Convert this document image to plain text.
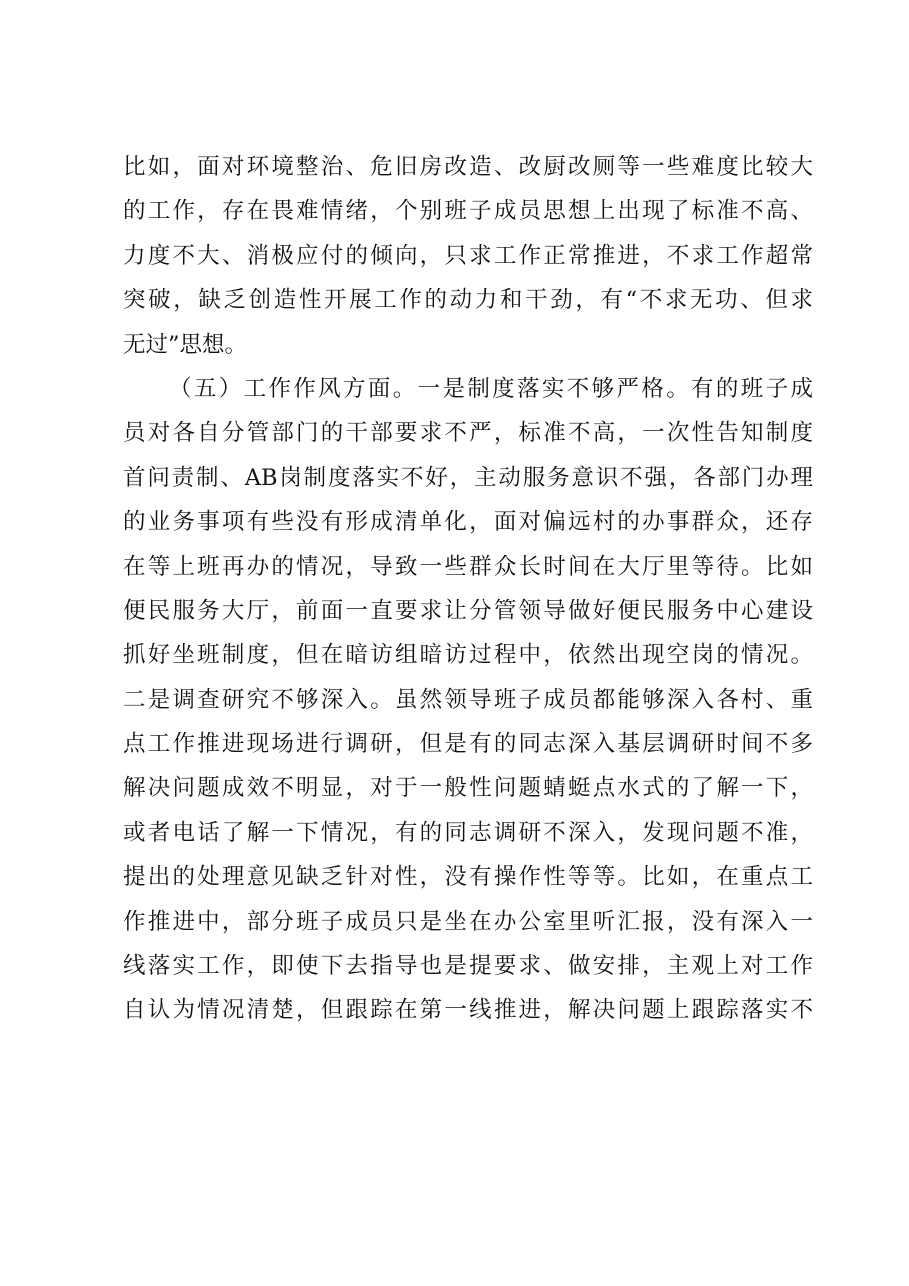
比如，面对环境整治、危旧房改造、改厨改厕等一些难度比较大
的工作，存在畏难情绪，个别班子成员思想上出现了标准不高、
力度不大、消极应付的倾向，只求工作正常推进，不求工作超常
突破，缺乏创造性开展工作的动力和干劲，有“不求无功、但求
无过”思想。
（五）工作作风方面。一是制度落实不够严格。有的班子成
员对各自分管部门的干部要求不严，标准不高，一次性告知制度
首问责制、AB岗制度落实不好，主动服务意识不强，各部门办理
的业务事项有些没有形成清单化，面对偏远村的办事群众，还存
在等上班再办的情况，导致一些群众长时间在大厅里等待。比如
便民服务大厅，前面一直要求让分管领导做好便民服务中心建设
抓好坐班制度，但在暗访组暗访过程中，依然出现空岗的情况。
二是调查研究不够深入。虽然领导班子成员都能够深入各村、重
点工作推进现场进行调研，但是有的同志深入基层调研时间不多
解决问题成效不明显，对于一般性问题蜻蜓点水式的了解一下，
或者电话了解一下情况，有的同志调研不深入，发现问题不准，
提出的处理意见缺乏针对性，没有操作性等等。比如，在重点工
作推进中，部分班子成员只是坐在办公室里听汇报，没有深入一
线落实工作，即使下去指导也是提要求、做安排，主观上对工作
自认为情况清楚，但跟踪在第一线推进，解决问题上跟踪落实不
